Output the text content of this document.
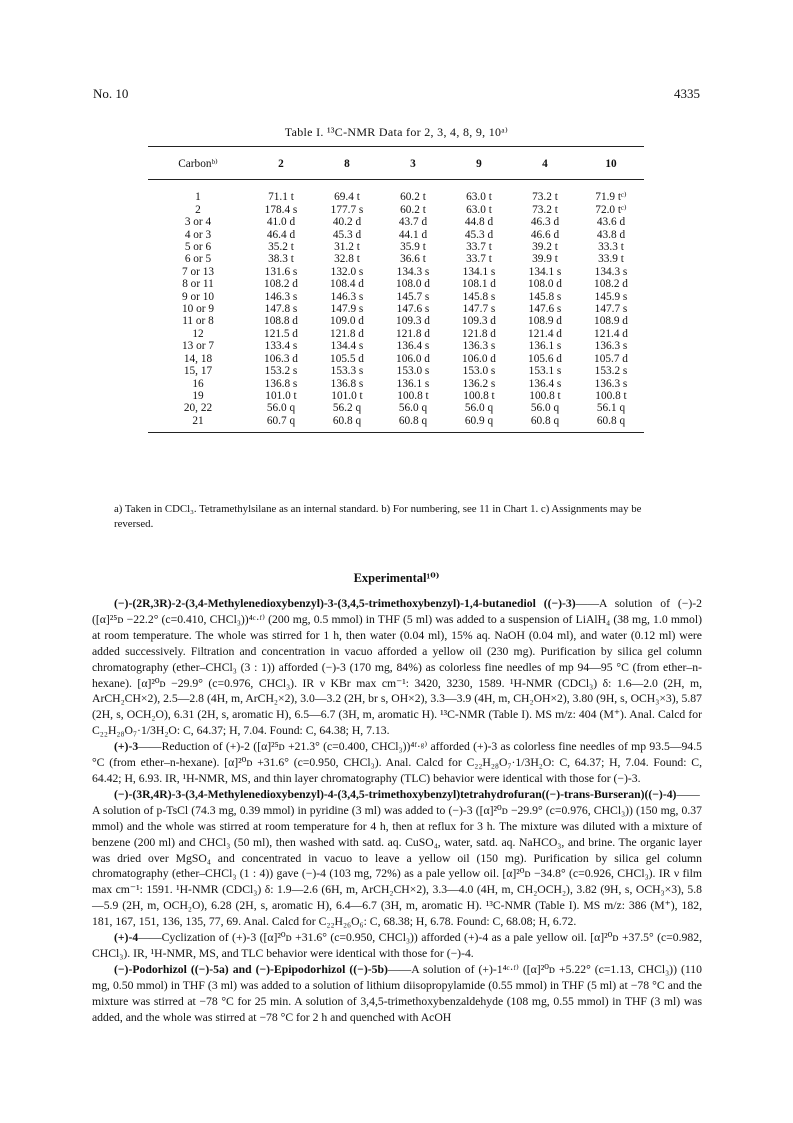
No. 10	4335
Table I. ¹³C-NMR Data for 2, 3, 4, 8, 9, 10ᵃ⁾
Carbonᵇ⁾	2	8	3	9	4	10
1	71.1 t	69.4 t	60.2 t	63.0 t	73.2 t	71.9 tᶜ⁾
2	178.4 s	177.7 s	60.2 t	63.0 t	73.2 t	72.0 tᶜ⁾
3 or 4	41.0 d	40.2 d	43.7 d	44.8 d	46.3 d	43.6 d
4 or 3	46.4 d	45.3 d	44.1 d	45.3 d	46.6 d	43.8 d
5 or 6	35.2 t	31.2 t	35.9 t	33.7 t	39.2 t	33.3 t
6 or 5	38.3 t	32.8 t	36.6 t	33.7 t	39.9 t	33.9 t
7 or 13	131.6 s	132.0 s	134.3 s	134.1 s	134.1 s	134.3 s
8 or 11	108.2 d	108.4 d	108.0 d	108.1 d	108.0 d	108.2 d
9 or 10	146.3 s	146.3 s	145.7 s	145.8 s	145.8 s	145.9 s
10 or 9	147.8 s	147.9 s	147.6 s	147.7 s	147.6 s	147.7 s
11 or 8	108.8 d	109.0 d	109.3 d	109.3 d	108.9 d	108.9 d
12	121.5 d	121.8 d	121.8 d	121.8 d	121.4 d	121.4 d
13 or 7	133.4 s	134.4 s	136.4 s	136.3 s	136.1 s	136.3 s
14, 18	106.3 d	105.5 d	106.0 d	106.0 d	105.6 d	105.7 d
15, 17	153.2 s	153.3 s	153.0 s	153.0 s	153.1 s	153.2 s
16	136.8 s	136.8 s	136.1 s	136.2 s	136.4 s	136.3 s
19	101.0 t	101.0 t	100.8 t	100.8 t	100.8 t	100.8 t
20, 22	56.0 q	56.2 q	56.0 q	56.0 q	56.0 q	56.1 q
21	60.7 q	60.8 q	60.8 q	60.9 q	60.8 q	60.8 q
a) Taken in CDCl₃. Tetramethylsilane as an internal standard. b) For numbering, see 11 in Chart 1. c) Assignments may be reversed.
Experimental¹⁰⁾

(−)-(2R,3R)-2-(3,4-Methylenedioxybenzyl)-3-(3,4,5-trimethoxybenzyl)-1,4-butanediol ((−)-3)——A solution of (−)-2 ([α]²⁵ᴅ −22.2° (c=0.410, CHCl₃))⁴ᶜ·ᶠ⁾ (200 mg, 0.5 mmol) in THF (5 ml) was added to a suspension of LiAlH₄ (38 mg, 1.0 mmol) at room temperature. The whole was stirred for 1 h, then water (0.04 ml), 15% aq. NaOH (0.04 ml), and water (0.12 ml) were added successively. Filtration and concentration in vacuo afforded a yellow oil (230 mg). Purification by silica gel column chromatography (ether–CHCl₃ (3 : 1)) afforded (−)-3 (170 mg, 84%) as colorless fine needles of mp 94—95 °C (from ether–n-hexane). [α]²⁰ᴅ −29.9° (c=0.976, CHCl₃). IR ν KBr max cm⁻¹: 3420, 3230, 1589. ¹H-NMR (CDCl₃) δ: 1.6—2.0 (2H, m, ArCH₂CH×2), 2.5—2.8 (4H, m, ArCH₂×2), 3.0—3.2 (2H, br s, OH×2), 3.3—3.9 (4H, m, CH₂OH×2), 3.80 (9H, s, OCH₃×3), 5.87 (2H, s, OCH₂O), 6.31 (2H, s, aromatic H), 6.5—6.7 (3H, m, aromatic H). ¹³C-NMR (Table I). MS m/z: 404 (M⁺). Anal. Calcd for C₂₂H₂₈O₇·1/3H₂O: C, 64.37; H, 7.04. Found: C, 64.38; H, 7.13.

(+)-3——Reduction of (+)-2 ([α]²⁵ᴅ +21.3° (c=0.400, CHCl₃))⁴ᶠ·ᵍ⁾ afforded (+)-3 as colorless fine needles of mp 93.5—94.5 °C (from ether–n-hexane). [α]²⁰ᴅ +31.6° (c=0.950, CHCl₃). Anal. Calcd for C₂₂H₂₈O₇·1/3H₂O: C, 64.37; H, 7.04. Found: C, 64.42; H, 6.93. IR, ¹H-NMR, MS, and thin layer chromatography (TLC) behavior were identical with those for (−)-3.

(−)-(3R,4R)-3-(3,4-Methylenedioxybenzyl)-4-(3,4,5-trimethoxybenzyl)tetrahydrofuran((−)-trans-Burseran)((−)-4)——A solution of p-TsCl (74.3 mg, 0.39 mmol) in pyridine (3 ml) was added to (−)-3 ([α]²⁰ᴅ −29.9° (c=0.976, CHCl₃)) (150 mg, 0.37 mmol) and the whole was stirred at room temperature for 4 h, then at reflux for 3 h. The mixture was diluted with a mixture of benzene (200 ml) and CHCl₃ (50 ml), then washed with satd. aq. CuSO₄, water, satd. aq. NaHCO₃, and brine. The organic layer was dried over MgSO₄ and concentrated in vacuo to leave a yellow oil (150 mg). Purification by silica gel column chromatography (ether–CHCl₃ (1 : 4)) gave (−)-4 (103 mg, 72%) as a pale yellow oil. [α]²⁰ᴅ −34.8° (c=0.926, CHCl₃). IR ν film max cm⁻¹: 1591. ¹H-NMR (CDCl₃) δ: 1.9—2.6 (6H, m, ArCH₂CH×2), 3.3—4.0 (4H, m, CH₂OCH₂), 3.82 (9H, s, OCH₃×3), 5.8—5.9 (2H, m, OCH₂O), 6.28 (2H, s, aromatic H), 6.4—6.7 (3H, m, aromatic H). ¹³C-NMR (Table I). MS m/z: 386 (M⁺), 182, 181, 167, 151, 136, 135, 77, 69. Anal. Calcd for C₂₂H₂₆O₆: C, 68.38; H, 6.78. Found: C, 68.08; H, 6.72.

(+)-4——Cyclization of (+)-3 ([α]²⁰ᴅ +31.6° (c=0.950, CHCl₃)) afforded (+)-4 as a pale yellow oil. [α]²⁰ᴅ +37.5° (c=0.982, CHCl₃). IR, ¹H-NMR, MS, and TLC behavior were identical with those for (−)-4.

(−)-Podorhizol ((−)-5a) and (−)-Epipodorhizol ((−)-5b)——A solution of (+)-1⁴ᶜ·ᶠ⁾ ([α]²⁰ᴅ +5.22° (c=1.13, CHCl₃)) (110 mg, 0.50 mmol) in THF (3 ml) was added to a solution of lithium diisopropylamide (0.55 mmol) in THF (5 ml) at −78 °C and the mixture was stirred at −78 °C for 25 min. A solution of 3,4,5-trimethoxybenzaldehyde (108 mg, 0.55 mmol) in THF (3 ml) was added, and the whole was stirred at −78 °C for 2 h and quenched with AcOH
